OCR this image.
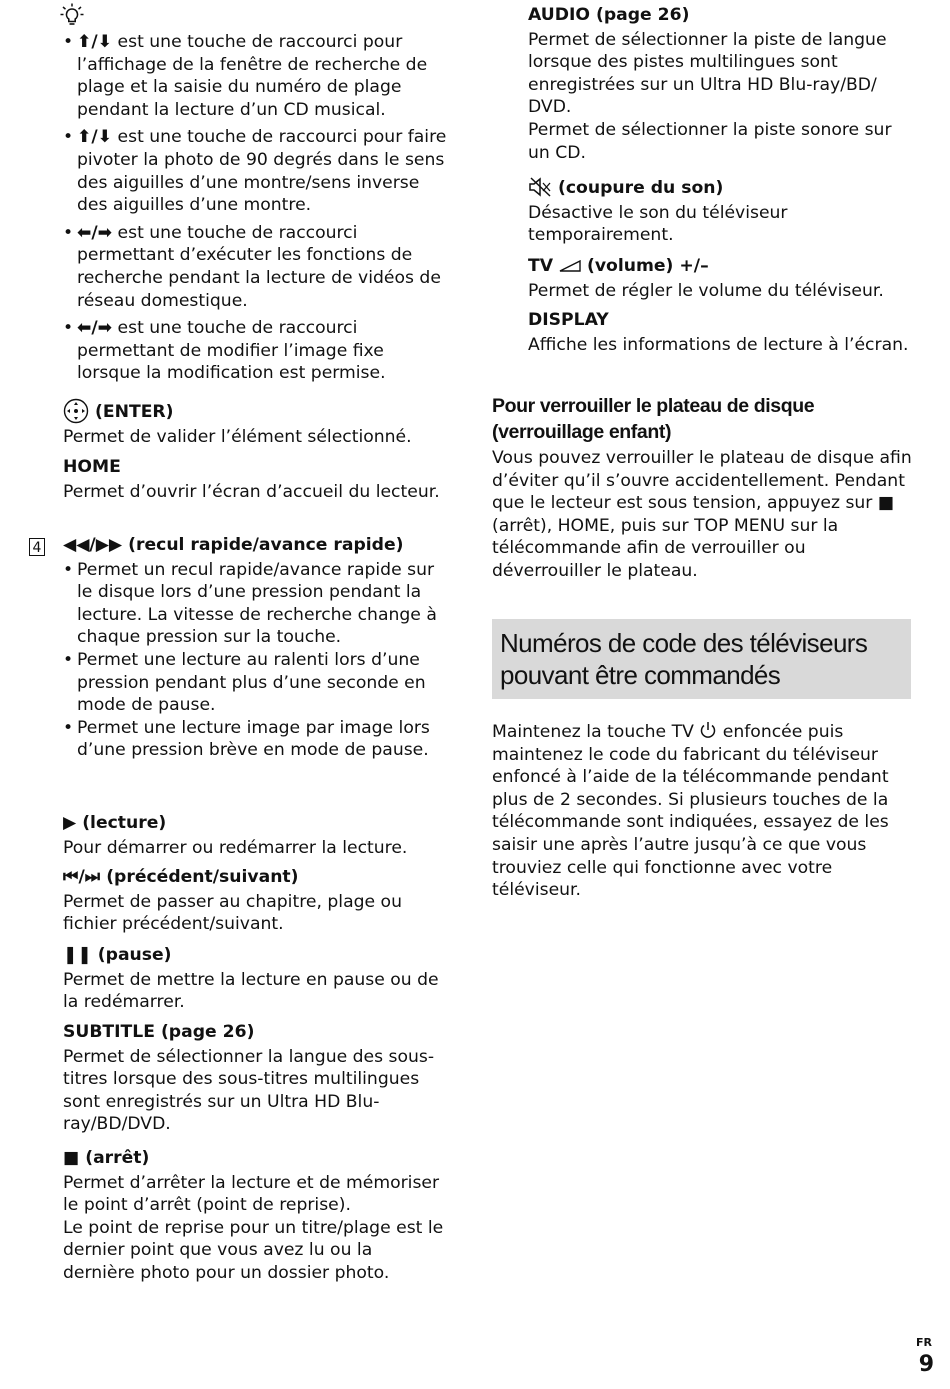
• ⬆/⬇ est une touche de raccourci pour l’affichage de la fenêtre de recherche de plage et la saisie du numéro de plage pendant la lecture d’un CD musical.
• ⬆/⬇ est une touche de raccourci pour faire pivoter la photo de 90 degrés dans le sens des aiguilles d’une montre/sens inverse des aiguilles d’une montre.
• ⬅/➡ est une touche de raccourci permettant d’exécuter les fonctions de recherche pendant la lecture de vidéos de réseau domestique.
• ⬅/➡ est une touche de raccourci permettant de modifier l’image fixe lorsque la modification est permise.

(ENTER)

Permet de valider l’élément sélectionné.

HOME

Permet d’ouvrir l’écran d’accueil du lecteur.

◀◀/▶▶ (recul rapide/avance rapide)

• Permet un recul rapide/avance rapide sur le disque lors d’une pression pendant la lecture. La vitesse de recherche change à chaque pression sur la touche.
• Permet une lecture au ralenti lors d’une pression pendant plus d’une seconde en mode de pause.
• Permet une lecture image par image lors d’une pression brève en mode de pause.

▶ (lecture)

Pour démarrer ou redémarrer la lecture.

⏮/⏭ (précédent/suivant)

Permet de passer au chapitre, plage ou fichier précédent/suivant.

❚❚ (pause)

Permet de mettre la lecture en pause ou de la redémarrer.

SUBTITLE (page 26)

Permet de sélectionner la langue des sous-titres lorsque des sous-titres multilingues sont enregistrés sur un Ultra HD Blu-ray/BD/DVD.

■ (arrêt)

Permet d’arrêter la lecture et de mémoriser le point d’arrêt (point de reprise).

Le point de reprise pour un titre/plage est le dernier point que vous avez lu ou la dernière photo pour un dossier photo.

4

AUDIO (page 26)

Permet de sélectionner la piste de langue lorsque des pistes multilingues sont enregistrées sur un Ultra HD Blu-ray/BD/ DVD.

Permet de sélectionner la piste sonore sur un CD.

(coupure du son)

Désactive le son du téléviseur temporairement.

TV (volume) +/–

Permet de régler le volume du téléviseur.

DISPLAY

Affiche les informations de lecture à l’écran.

Pour verrouiller le plateau de disque

(verrouillage enfant)

Vous pouvez verrouiller le plateau de disque afin d’éviter qu’il s’ouvre accidentellement. Pendant que le lecteur est sous tension, appuyez sur ■ (arrêt), HOME, puis sur TOP MENU sur la télécommande afin de verrouiller ou déverrouiller le plateau.

Maintenez la touche TV  enfoncée puis maintenez le code du fabricant du téléviseur enfoncé à l’aide de la télécommande pendant plus de 2 secondes. Si plusieurs touches de la télécommande sont indiquées, essayez de les saisir une après l’autre jusqu’à ce que vous trouviez celle qui fonctionne avec votre téléviseur.

Numéros de code des téléviseurs
pouvant être commandés
FR
9
